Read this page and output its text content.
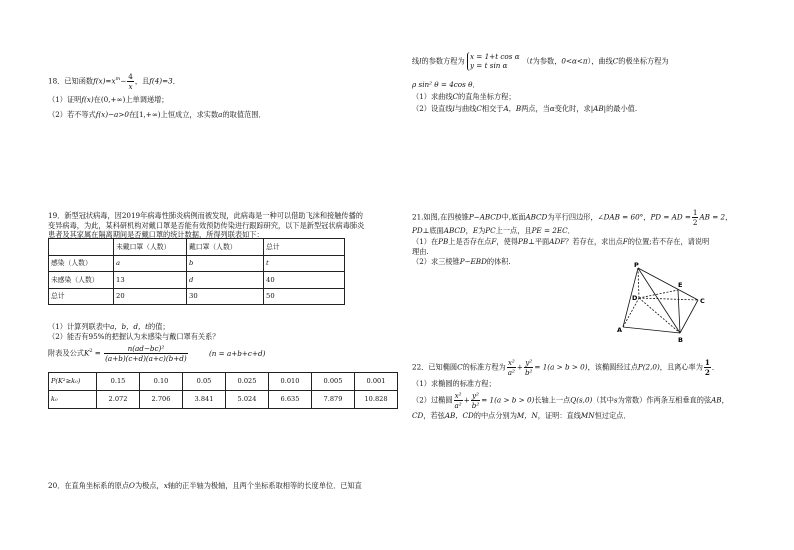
18．已知函数$f(x)=x^m- \frac{4}{x}$ ，且f(4)=3．
（1）证明f(x)在(0,+∞)上单调递增；
（2）若不等式f(x)−a>0在[1,+∞)上恒成立，求实数a的取值范围．
19．新型冠状病毒，因2019年病毒性肺炎病例而被发现，此病毒是一种可以借助飞沫和接触传播的
变异病毒，为此，某科研机构对戴口罩是否能有效预防传染进行跟踪研究，以下是新型冠状病毒肺炎
患者及其家属在隔离期间是否戴口罩的统计数据，所得列联表如下：
	未戴口罩（人数）	戴口罩（人数）	总计
感染（人数）	a	b	t
未感染（人数）	13	d	40
总计	20	30	50
（1）计算列联表中a，b，d，t的值；
（2）能否有95%的把握认为未感染与戴口罩有关系？
附表及公式$K^2 = \frac{\text{n(ad−bc)²}}{(a+b)(c+d)(a+c)(b+d)}$	(n = a+b+c+d)
P(K²≥k₀)	0.15	0.10	0.05	0.025	0.010	0.005	0.001
k₀	2.072	2.706	3.841	5.024	6.635	7.879	10.828
20．在直角坐标系的原点O为极点，x轴的正半轴为极轴，且两个坐标系取相等的长度单位．已知直
线l的参数方程为 x = 1+t cos α
y = t sin α
（t为参数，0<α<π），曲线C的极坐标方程为
ρ sin² θ = 4cos θ．
（1）求曲线C的直角坐标方程；
（2）设直线l与曲线C相交于A，B两点，当α变化时，求|AB|的最小值.
21.如图,在四棱锥P−ABCD中,底面ABCD为平行四边形，∠DAB = 60°，PD = AD = $\frac{1}{2}$ AB = 2，
PD⊥底面ABCD，E为PC上一点，且PE = 2EC．
（1）在PB上是否存在点F，使得PB⊥平面ADF？若存在，求出点F的位置;若不存在，请说明
理由.
（2）求三棱锥P−EBD的体积.	P
A
B
C
D
E
22．已知椭圆C的标准方程为 $\frac{\text{x²}}{\text{a²}} + \frac{\text{y²}}{\text{b²}} = 1(a > b > 0)$，该椭圆经过点P(2,0)，且离心率为 $\frac{1}{2}$ ．
（1）求椭圆的标准方程；
（2）过椭圆 $\frac{\text{x²}}{\text{a²}} + \frac{\text{y²}}{\text{b²}} = 1(a > b > 0)$长轴上一点Q(s,0)（其中s为常数）作两条互相垂直的弦AB，
CD，若弦AB，CD的中点分别为M，N，证明：直线MN恒过定点．
